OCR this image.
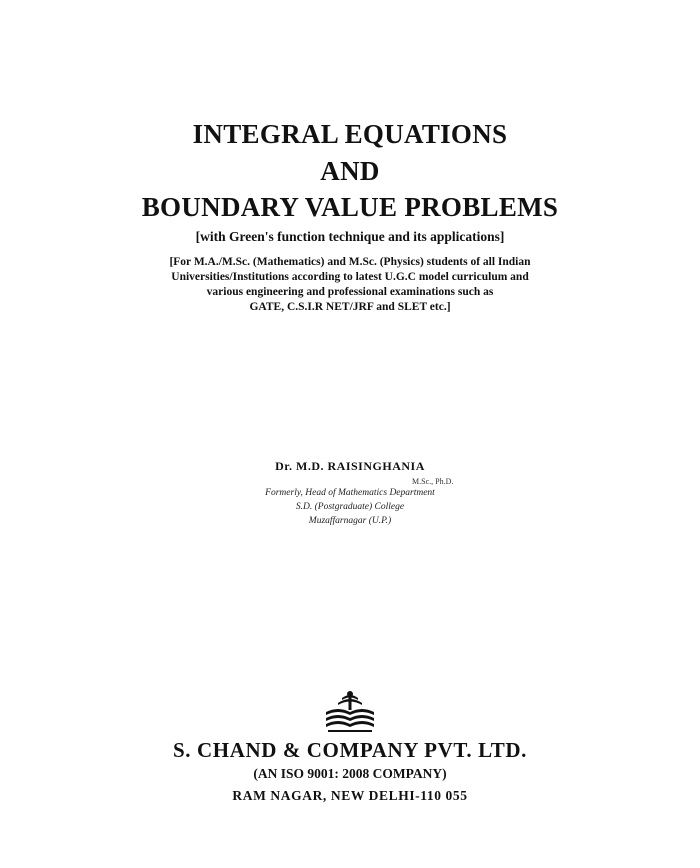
INTEGRAL EQUATIONS
AND
BOUNDARY VALUE PROBLEMS
[with Green's function technique and its applications]
[For M.A./M.Sc. (Mathematics) and M.Sc. (Physics) students of all Indian
Universities/Institutions according to latest U.G.C model curriculum and
various engineering and professional examinations such as
GATE, C.S.I.R NET/JRF and SLET etc.]
Dr. M.D. RAISINGHANIA
M.Sc., Ph.D.
Formerly, Head of Mathematics Department
S.D. (Postgraduate) College
Muzaffarnagar (U.P.)
S. CHAND & COMPANY PVT. LTD.
(AN ISO 9001: 2008 COMPANY)
RAM NAGAR, NEW DELHI-110 055
